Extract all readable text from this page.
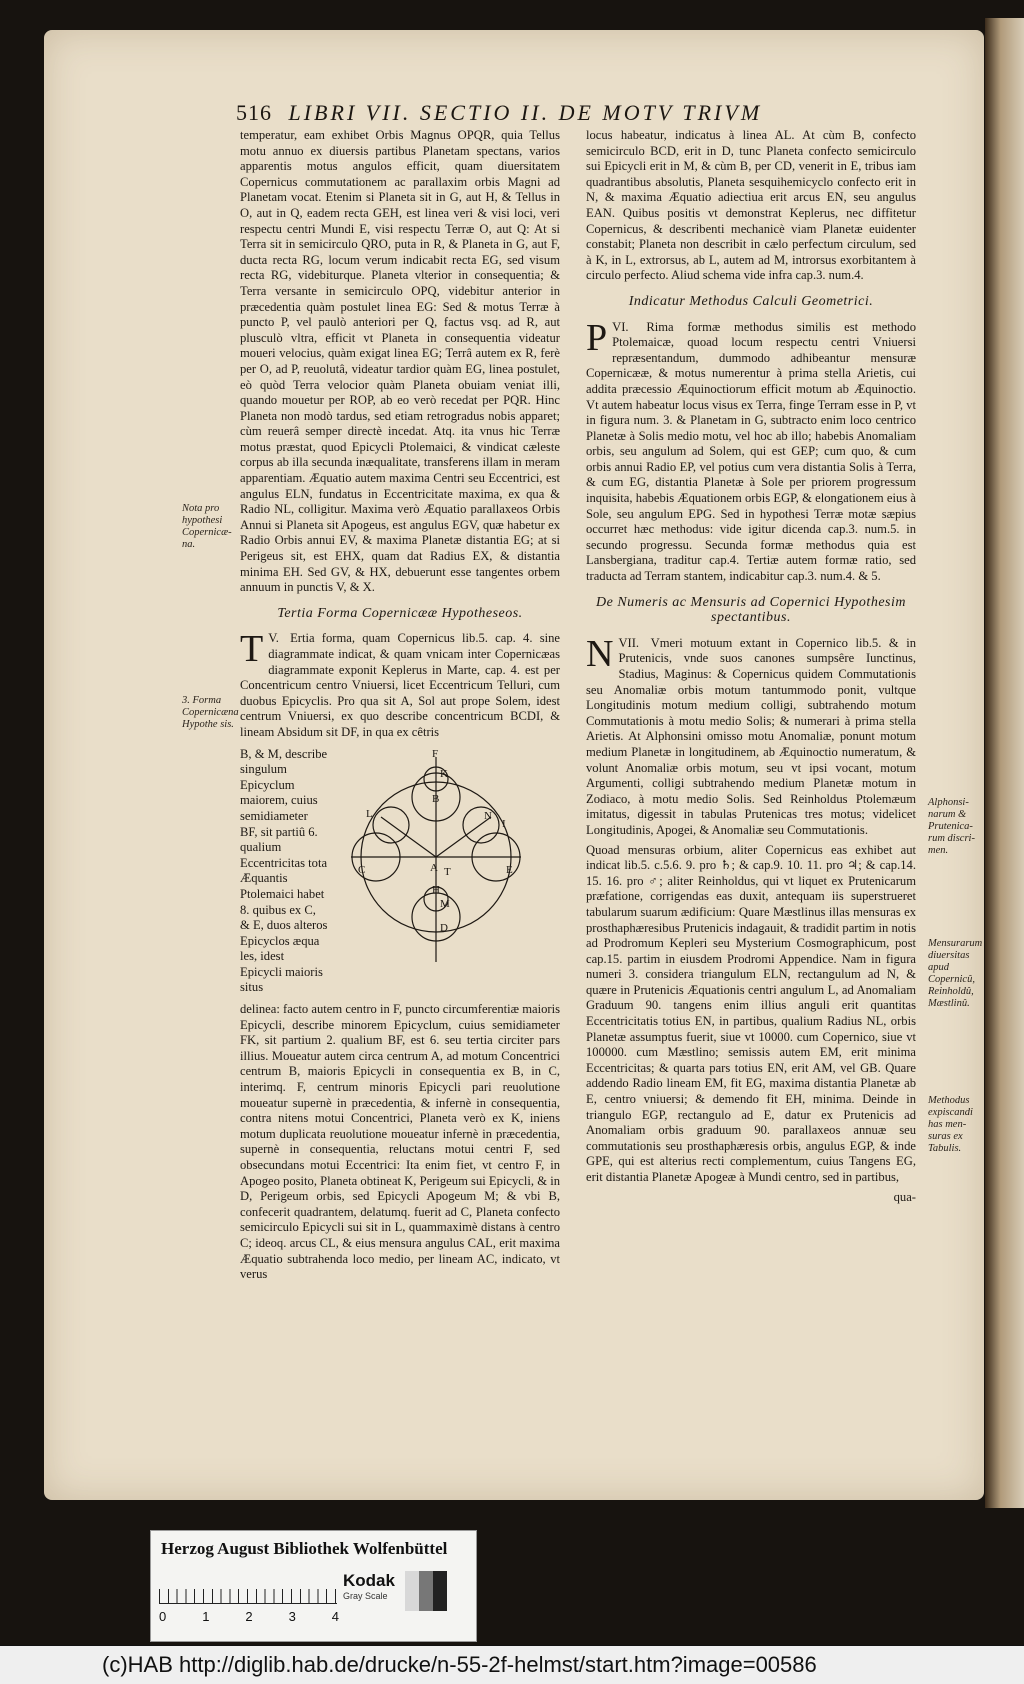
516 LIBRI VII. SECTIO II. DE MOTV TRIVM

temperatur, eam exhibet Orbis Magnus OPQR, quia Tellus motu annuo ex diuersis partibus Planetam spectans, varios apparentis motus angulos efficit, quam diuersitatem Copernicus commutationem ac parallaxim orbis Magni ad Planetam vocat. Etenim si Planeta sit in G, aut H, & Tellus in O, aut in Q, eadem recta GEH, est linea veri & visi loci, veri respectu centri Mundi E, visi respectu Terræ O, aut Q: At si Terra sit in semicirculo QRO, puta in R, & Planeta in G, aut F, ducta recta RG, locum verum indicabit recta EG, sed visum recta RG, videbiturque. Planeta vlterior in consequentia; & Terra versante in semicirculo OPQ, videbitur anterior in præcedentia quàm postulet linea EG: Sed & motus Terræ à puncto P, vel paulò anteriori per Q, factus vsq. ad R, aut plusculò vltra, efficit vt Planeta in consequentia videatur moueri velocius, quàm exigat linea EG; Terrâ autem ex R, ferè per O, ad P, reuolutâ, videatur tardior quàm EG, linea postulet, eò quòd Terra velocior quàm Planeta obuiam veniat illi, quando mouetur per ROP, ab eo verò recedat per PQR. Hinc Planeta non modò tardus, sed etiam retrogradus nobis apparet; cùm reuerâ semper directè incedat. Atq. ita vnus hic Terræ motus præstat, quod Epicycli Ptolemaici, & vindicat cæleste corpus ab illa secunda inæqualitate, transferens illam in meram apparentiam. Æquatio autem maxima Centri seu Eccentrici, est angulus ELN, fundatus in Eccentricitate maxima, ex qua & Radio NL, colligitur. Maxima verò Æquatio parallaxeos Orbis Annui si Planeta sit Apogeus, est angulus EGV, quæ habetur ex Radio Orbis annui EV, & maxima Planetæ distantia EG; at si Perigeus sit, est EHX, quam dat Radius EX, & distantia minima EH. Sed GV, & HX, debuerunt esse tangentes orbem annuum in punctis V, & X.

Tertia Forma Copernicææ Hypotheseos.

V.
T Ertia forma, quam Copernicus lib.5. cap. 4. sine diagrammate indicat, & quam vnicam inter Copernicæas diagrammate exponit Keplerus in Marte, cap. 4. est per Concentricum centro Vniuersi, licet Eccentricum Telluri, cum duobus Epicyclis. Pro qua sit A, Sol aut prope Solem, idest centrum Vniuersi, ex quo describe concentricum BCDI, & lineam Absidum sit DF, in qua ex cêtris

B, & M, describe singulum Epicyclum maiorem, cuius semidiameter BF, sit partiû 6. qualium Eccentricitas tota Æquantis Ptolemaici habet 8. quibus ex C, & E, duos alteros Epicyclos æqua les, idest Epicycli maioris situs
F
K
B
L	N
I
C	A T	E
H
M
D

delinea: facto autem centro in F, puncto circumferentiæ maioris Epicycli, describe minorem Epicyclum, cuius semidiameter FK, sit partium 2. qualium BF, est 6. seu tertia circiter pars illius. Moueatur autem circa centrum A, ad motum Concentrici centrum B, maioris Epicycli in consequentia ex B, in C, interimq. F, centrum minoris Epicycli pari reuolutione moueatur supernè in præcedentia, & infernè in consequentia, contra nitens motui Concentrici, Planeta verò ex K, iniens motum duplicata reuolutione moueatur infernè in præcedentia, supernè in consequentia, reluctans motui centri F, sed obsecundans motui Eccentrici: Ita enim fiet, vt centro F, in Apogeo posito, Planeta obtineat K, Perigeum sui Epicycli, & in D, Perigeum orbis, sed Epicycli Apogeum M; & vbi B, confecerit quadrantem, delatumq. fuerit ad C, Planeta confecto semicirculo Epicycli sui sit in L, quammaximè distans à centro C; ideoq. arcus CL, & eius mensura angulus CAL, erit maxima Æquatio subtrahenda loco medio, per lineam AC, indicato, vt verus

locus habeatur, indicatus à linea AL. At cùm B, confecto semicirculo BCD, erit in D, tunc Planeta confecto semicirculo sui Epicycli erit in M, & cùm B, per CD, venerit in E, tribus iam quadrantibus absolutis, Planeta sesquihemicyclo confecto erit in N, & maxima Æquatio adiectiua erit arcus EN, seu angulus EAN. Quibus positis vt demonstrat Keplerus, nec diffitetur Copernicus, & describenti mechanicè viam Planetæ euidenter constabit; Planeta non describit in cælo perfectum circulum, sed à K, in L, extrorsus, ab L, autem ad M, introrsus exorbitantem à circulo perfecto. Aliud schema vide infra cap.3. num.4.

Indicatur Methodus Calculi Geometrici.

VI.
P	Rima formæ methodus similis est methodo Ptolemaicæ, quoad locum respectu centri Vniuersi repræsentandum, dummodo adhibeantur mensuræ Copernicææ, & motus numerentur à prima stella Arietis, cui addita præcessio Æquinoctiorum efficit motum ab Æquinoctio. Vt autem habeatur locus visus ex Terra, finge Terram esse in P, vt in figura num. 3. & Planetam in G, subtracto enim loco centrico Planetæ à Solis medio motu, vel hoc ab illo; habebis Anomaliam orbis, seu angulum ad Solem, qui est GEP; cum quo, & cum orbis annui Radio EP, vel potius cum vera distantia Solis à Terra, & cum EG, distantia Planetæ à Sole per priorem progressum inquisita, habebis Æquationem orbis EGP, & elongationem eius à Sole, seu angulum EPG. Sed in hypothesi Terræ motæ sæpius occurret hæc methodus: vide igitur dicenda cap.3. num.5. in secundo progressu. Secunda formæ methodus quia est Lansbergiana, traditur cap.4. Tertiæ autem formæ ratio, sed traducta ad Terram stantem, indicabitur cap.3. num.4. & 5.

De Numeris ac Mensuris ad Copernici Hypothesim spectantibus.

VII.
N	Vmeri motuum extant in Copernico lib.5. & in Prutenicis, vnde suos canones sumpsêre Iunctinus, Stadius, Maginus: & Copernicus quidem Commutationis seu Anomaliæ orbis motum tantummodo ponit, vultque Longitudinis motum medium colligi, subtrahendo motum Commutationis à motu medio Solis; & numerari à prima stella Arietis. At Alphonsini omisso motu Anomaliæ, ponunt motum medium Planetæ in longitudinem, ab Æquinoctio numeratum, & volunt Anomaliæ orbis motum, seu vt ipsi vocant, motum Argumenti, colligi subtrahendo medium Planetæ motum in Zodiaco, à motu medio Solis. Sed Reinholdus Ptolemæum imitatus, digessit in tabulas Prutenicas tres motus; videlicet Longitudinis, Apogei, & Anomaliæ seu Commutationis.

Quoad mensuras orbium, aliter Copernicus eas exhibet aut indicat lib.5. c.5.6. 9. pro ♄; & cap.9. 10. 11. pro ♃; & cap.14. 15. 16. pro ♂; aliter Reinholdus, qui vt liquet ex Prutenicarum præfatione, corrigendas eas duxit, antequam iis superstrueret tabularum suarum ædificium: Quare Mæstlinus illas mensuras ex prosthaphæresibus Prutenicis indagauit, & tradidit partim in notis ad Prodromum Kepleri seu Mysterium Cosmographicum, post cap.15. partim in eiusdem Prodromi Appendice. Nam in figura numeri 3. considera triangulum ELN, rectangulum ad N, & quære in Prutenicis Æquationis centri angulum L, ad Anomaliam Graduum 90. tangens enim illius anguli erit quantitas Eccentricitatis totius EN, in partibus, qualium Radius NL, orbis Planetæ assumptus fuerit, siue vt 10000. cum Copernico, siue vt 100000. cum Mæstlino; semissis autem EM, erit minima Eccentricitas; & quarta pars totius EN, erit AM, vel GB. Quare addendo Radio lineam EM, fit EG, maxima distantia Planetæ ab E, centro vniuersi; & demendo fit EH, minima. Deinde in triangulo EGP, rectangulo ad E, datur ex Prutenicis ad Anomaliam orbis graduum 90. parallaxeos annuæ seu commutationis seu prosthaphæresis orbis, angulus EGP, & inde GPE, qui est alterius recti complementum, cuius Tangens EG, erit distantia Planetæ Apogeæ à Mundi centro, sed in partibus,

qua-
Nota pro hypothesi Copernicæna.
3. Forma Copernicæna Hypothe sis.
Alphonsinarum & Prutenicarum discrimen.
Mensurarum diuersitas apud Copernicû, Reinholdû, Mæstlinû.
Methodus expiscandi has mensuras ex Tabulis.
Herzog August Bibliothek Wolfenbüttel
0	1	2	3	4
Kodak
Gray Scale
(c)HAB http://diglib.hab.de/drucke/n-55-2f-helmst/start.htm?image=00586
